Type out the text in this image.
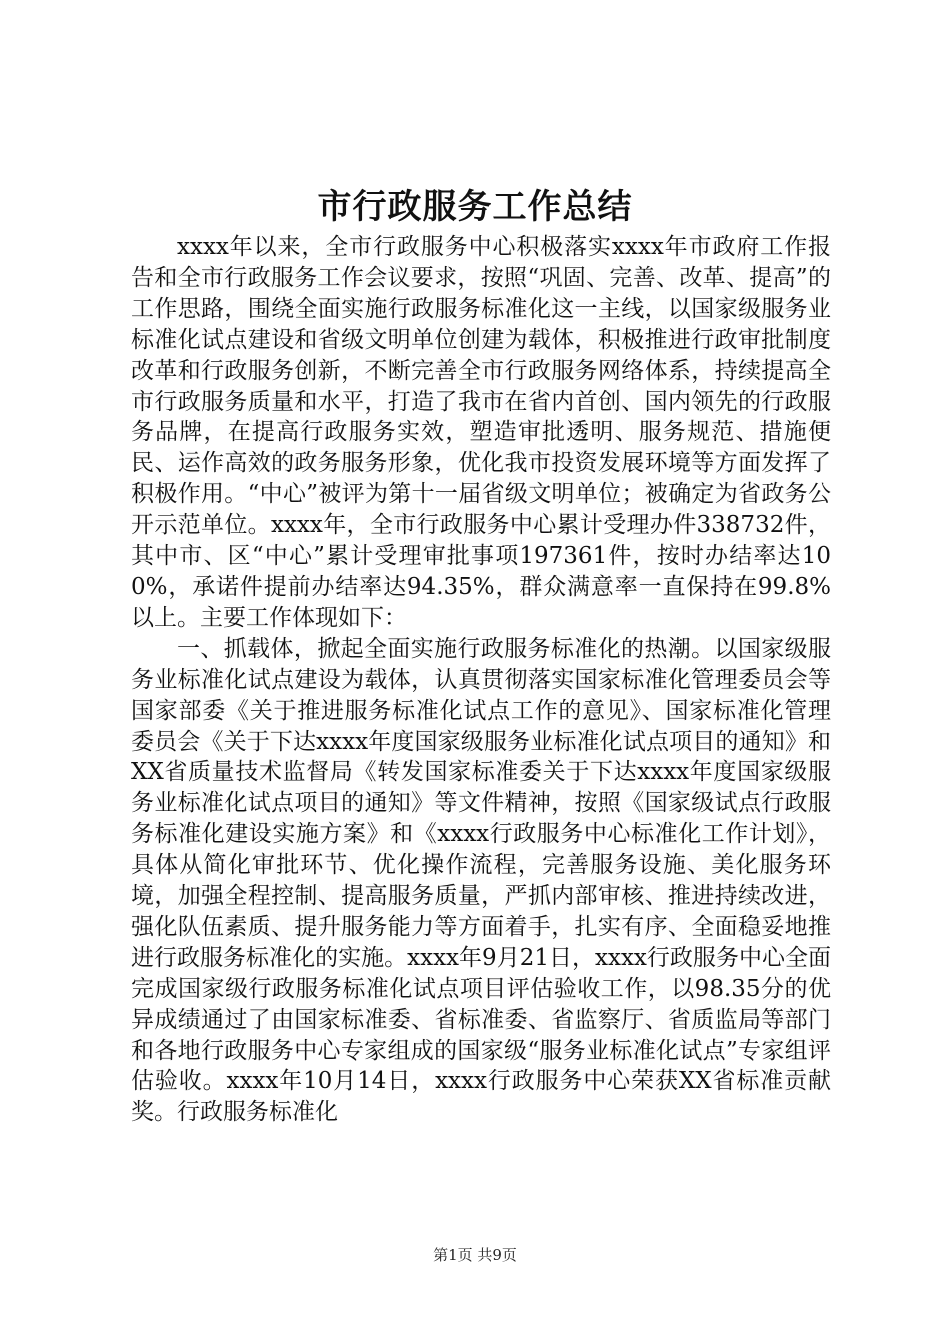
市行政服务工作总结

xxxx年以来，全市行政服务中心积极落实xxxx年市政府工作报告和全市行政服务工作会议要求，按照“巩固、完善、改革、提高”的工作思路，围绕全面实施行政服务标准化这一主线，以国家级服务业标准化试点建设和省级文明单位创建为载体，积极推进行政审批制度改革和行政服务创新，不断完善全市行政服务网络体系，持续提高全市行政服务质量和水平，打造了我市在省内首创、国内领先的行政服务品牌，在提高行政服务实效，塑造审批透明、服务规范、措施便民、运作高效的政务服务形象，优化我市投资发展环境等方面发挥了积极作用。“中心”被评为第十一届省级文明单位；被确定为省政务公开示范单位。xxxx年，全市行政服务中心累计受理办件338732件，其中市、区“中心”累计受理审批事项197361件，按时办结率达100%，承诺件提前办结率达94.35%，群众满意率一直保持在99.8%以上。主要工作体现如下：

一、抓载体，掀起全面实施行政服务标准化的热潮。以国家级服务业标准化试点建设为载体，认真贯彻落实国家标准化管理委员会等国家部委《关于推进服务标准化试点工作的意见》、国家标准化管理委员会《关于下达xxxx年度国家级服务业标准化试点项目的通知》和XX省质量技术监督局《转发国家标准委关于下达xxxx年度国家级服务业标准化试点项目的通知》等文件精神，按照《国家级试点行政服务标准化建设实施方案》和《xxxx行政服务中心标准化工作计划》，具体从简化审批环节、优化操作流程，完善服务设施、美化服务环境，加强全程控制、提高服务质量，严抓内部审核、推进持续改进，强化队伍素质、提升服务能力等方面着手，扎实有序、全面稳妥地推进行政服务标准化的实施。xxxx年9月21日，xxxx行政服务中心全面完成国家级行政服务标准化试点项目评估验收工作，以98.35分的优异成绩通过了由国家标准委、省标准委、省监察厅、省质监局等部门和各地行政服务中心专家组成的国家级“服务业标准化试点”专家组评估验收。xxxx年10月14日，xxxx行政服务中心荣获XX省标准贡献奖。行政服务标准化

第1页 共9页
